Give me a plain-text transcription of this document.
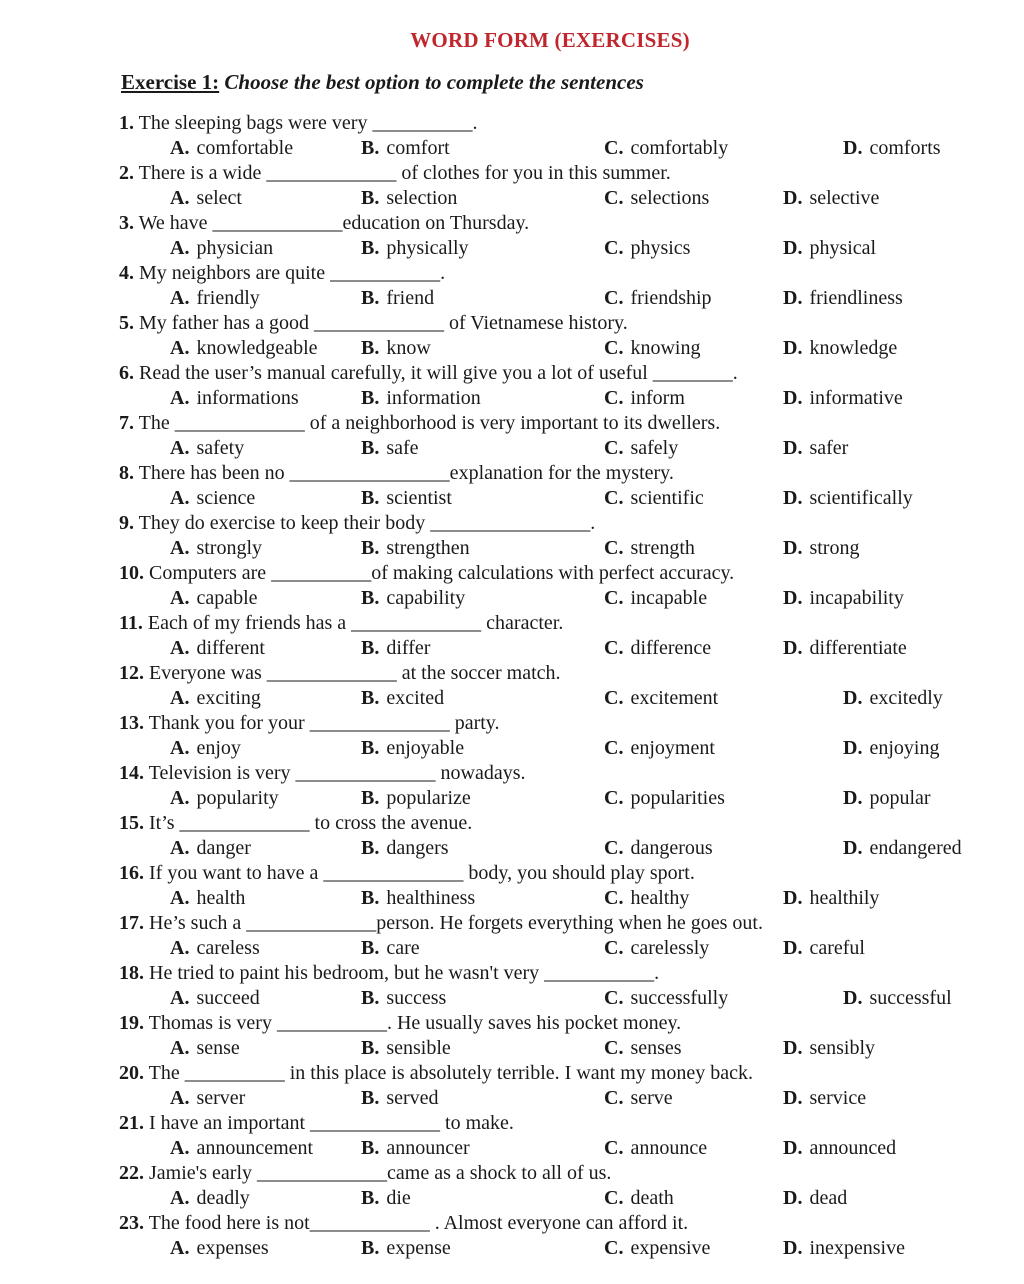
WORD FORM (EXERCISES)
Exercise 1: Choose the best option to complete the sentences
1. The sleeping bags were very __________.
A. comfortable	B. comfort	C. comfortably	D. comforts
2. There is a wide _____________ of clothes for you in this summer.
A. select	B. selection	C. selections	D. selective
3. We have _____________education on Thursday.
A. physician	B. physically	C. physics	D. physical
4. My neighbors are quite ___________.
A. friendly	B. friend	C. friendship	D. friendliness
5. My father has a good _____________ of Vietnamese history.
A. knowledgeable B. know	C. knowing	D. knowledge
6. Read the user’s manual carefully, it will give you a lot of useful ________.
A. informations	B. information	C. inform	D. informative
7. The _____________ of a neighborhood is very important to its dwellers.
A. safety	B. safe	C. safely	D. safer
8. There has been no ________________explanation for the mystery.
A. science	B. scientist	C. scientific	D. scientifically
9. They do exercise to keep their body ________________.
A. strongly	B. strengthen	C. strength	D. strong
10. Computers are __________of making calculations with perfect accuracy.
A. capable	B. capability	C. incapable	D. incapability
11. Each of my friends has a _____________ character.
A. different	B. differ	C. difference	D. differentiate
12. Everyone was _____________ at the soccer match.
A. exciting	B. excited	C. excitement	D. excitedly
13. Thank you for your ______________ party.
A. enjoy	B. enjoyable	C. enjoyment	D. enjoying
14. Television is very ______________ nowadays.
A. popularity	B. popularize	C. popularities	D. popular
15. It’s _____________ to cross the avenue.
A. danger	B. dangers	C. dangerous	D. endangered
16. If you want to have a ______________ body, you should play sport.
A. health	B. healthiness	C. healthy	D. healthily
17. He’s such a _____________person. He forgets everything when he goes out.
A. careless	B. care	C. carelessly	D. careful
18. He tried to paint his bedroom, but he wasn't very ___________.
A. succeed	B. success	C. successfully	D. successful
19. Thomas is very ___________. He usually saves his pocket money.
A. sense	B. sensible	C. senses	D. sensibly
20. The __________ in this place is absolutely terrible. I want my money back.
A. server	B. served	C. serve	D. service
21. I have an important _____________ to make.
A. announcement B. announcer	C. announce	D. announced
22. Jamie's early _____________came as a shock to all of us.
A. deadly	B. die	C. death	D. dead
23. The food here is not____________ . Almost everyone can afford it.
A. expenses	B. expense	C. expensive	D. inexpensive
